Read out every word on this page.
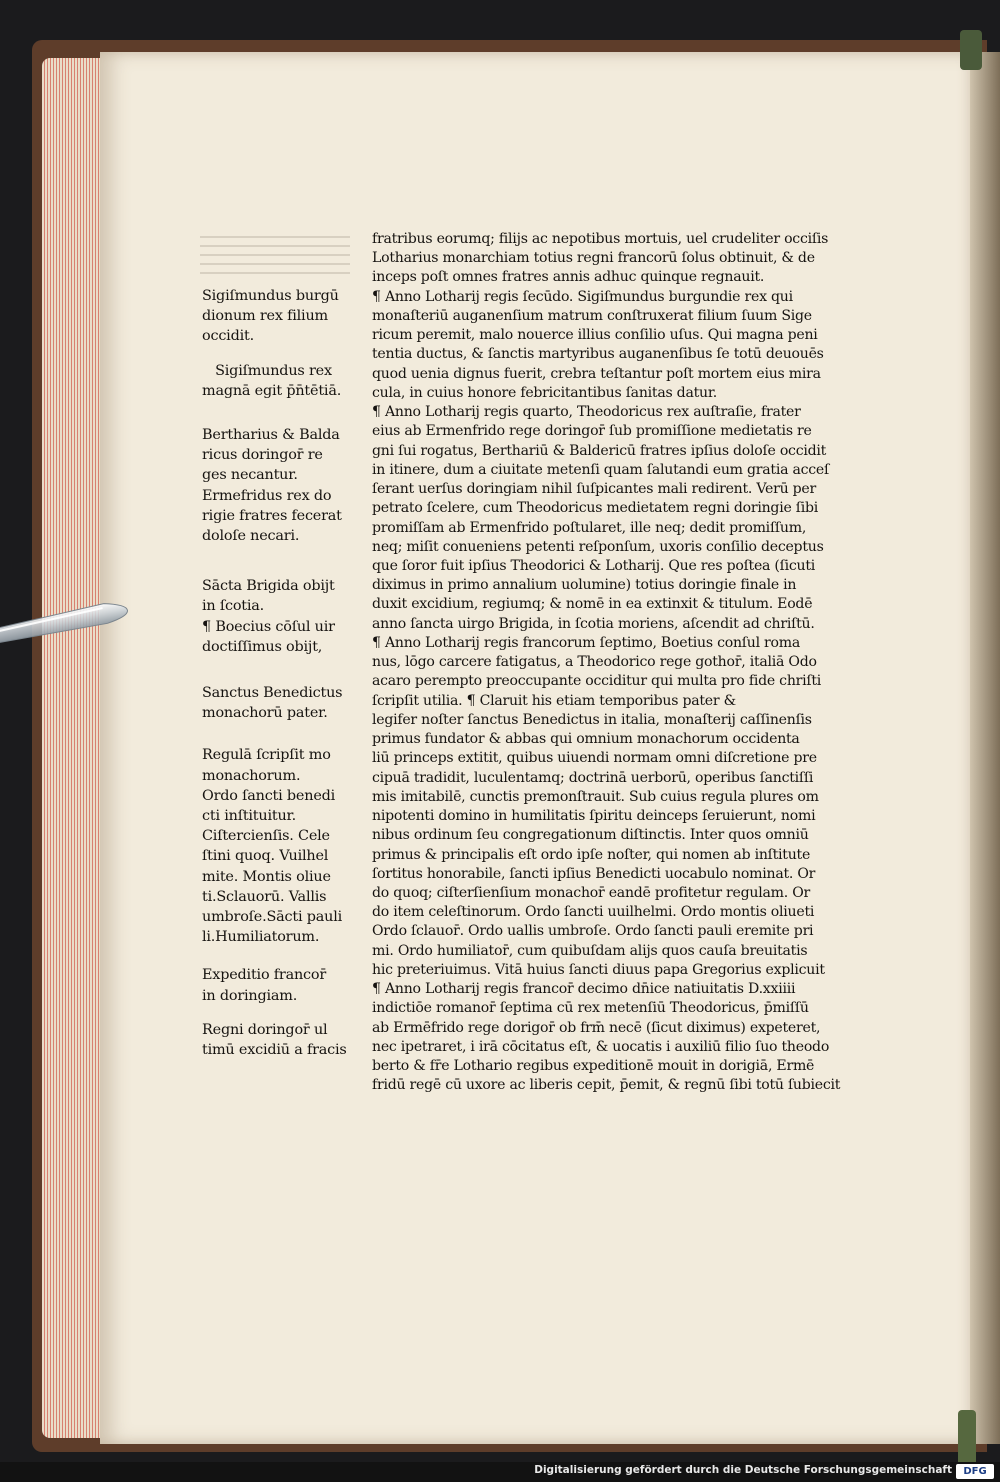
Sigiſmundus burgū

dionum rex filium

occidit.

Sigiſmundus rex

magnā egit p̄n̄tētiā.

Bertharius & Balda

ricus doringor̄ re

ges necantur.

Ermefridus rex do

rigie fratres fecerat

doloſe necari.

Sācta Brigida obijt

in ſcotia.

¶ Boecius cōſul uir

doctiſſimus obijt,

Sanctus Benedictus

monachorū pater.

Regulā ſcripſit mo

monachorum.

Ordo ſancti benedi

cti inſtituitur.

Ciſtercienſis. Cele

ſtini quoq. Vuilhel

mite. Montis oliue

ti.Sclauorū. Vallis

umbroſe.Sācti pauli

li.Humiliatorum.

Expeditio francor̄

in doringiam.

Regni doringor̄ ul

timū excidiū a fracis

fratribus eorumq; filijs ac nepotibus mortuis, uel crudeliter occiſis

Lotharius monarchiam totius regni francorū ſolus obtinuit, & de

inceps poſt omnes fratres annis adhuc quinque regnauit.

¶ Anno Lotharij regis ſecūdo. Sigiſmundus burgundie rex qui

monaſteriū auganenſium matrum conſtruxerat filium ſuum Sige

ricum peremit, malo nouerce illius conſilio uſus. Qui magna peni

tentia ductus, & ſanctis martyribus auganenſibus ſe totū deuouēs

quod uenia dignus fuerit, crebra teſtantur poſt mortem eius mira

cula, in cuius honore febricitantibus ſanitas datur.

¶ Anno Lotharij regis quarto, Theodoricus rex auſtraſie, frater

eius ab Ermenfrido rege doringor̄ ſub promiſſione medietatis re

gni ſui rogatus, Berthariū & Baldericū fratres ipſius doloſe occidit

in itinere, dum a ciuitate metenſi quam ſalutandi eum gratia acceſ

ſerant uerſus doringiam nihil ſuſpicantes mali redirent. Verū per

petrato ſcelere, cum Theodoricus medietatem regni doringie ſibi

promiſſam ab Ermenfrido poſtularet, ille neq; dedit promiſſum,

neq; miſit conueniens petenti reſponſum, uxoris conſilio deceptus

que ſoror fuit ipſius Theodorici & Lotharij. Que res poſtea (ſicuti

diximus in primo annalium uolumine) totius doringie finale in

duxit excidium, regiumq; & nomē in ea extinxit & titulum. Eodē

anno ſancta uirgo Brigida, in ſcotia moriens, aſcendit ad chriſtū.

¶ Anno Lotharij regis francorum ſeptimo, Boetius conſul roma

nus, lōgo carcere fatigatus, a Theodorico rege gothor̄, italiā Odo

acaro perempto preoccupante occiditur qui multa pro fide chriſti

ſcripſit utilia. ¶ Claruit his etiam temporibus pater &

legifer noſter ſanctus Benedictus in italia, monaſterij caſſinenſis

primus fundator & abbas qui omnium monachorum occidenta

liū princeps extitit, quibus uiuendi normam omni diſcretione pre

cipuā tradidit, luculentamq; doctrinā uerborū, operibus ſanctiſſi

mis imitabilē, cunctis premonſtrauit. Sub cuius regula plures om

nipotenti domino in humilitatis ſpiritu deinceps ſeruierunt, nomi

nibus ordinum ſeu congregationum diſtinctis. Inter quos omniū

primus & principalis eſt ordo ipſe noſter, qui nomen ab inſtitute

ſortitus honorabile, ſancti ipſius Benedicti uocabulo nominat. Or

do quoq; ciſterſienſium monachor̄ eandē profitetur regulam. Or

do item celeſtinorum. Ordo ſancti uuilhelmi. Ordo montis oliueti

Ordo ſclauor̄. Ordo uallis umbroſe. Ordo ſancti pauli eremite pri

mi. Ordo humiliator̄, cum quibuſdam alijs quos cauſa breuitatis

hic preteriuimus. Vitā huius ſancti diuus papa Gregorius explicuit

¶ Anno Lotharij regis francor̄ decimo dn̄ice natiuitatis D.xxiiii

indictiōe romanor̄ ſeptima cū rex metenſiū Theodoricus, p̄miſſū

ab Ermēfrido rege dorigor̄ ob frm̄ necē (ſicut diximus) expeteret,

nec ipetraret, i irā cōcitatus eſt, & uocatis i auxiliū filio ſuo theodo

berto & fr̄e Lothario regibus expeditionē mouit in dorigiā, Ermē

fridū regē cū uxore ac liberis cepit, p̄emit, & regnū ſibi totū ſubiecit

Digitalisierung gefördert durch die Deutsche Forschungsgemeinschaft	DFG
